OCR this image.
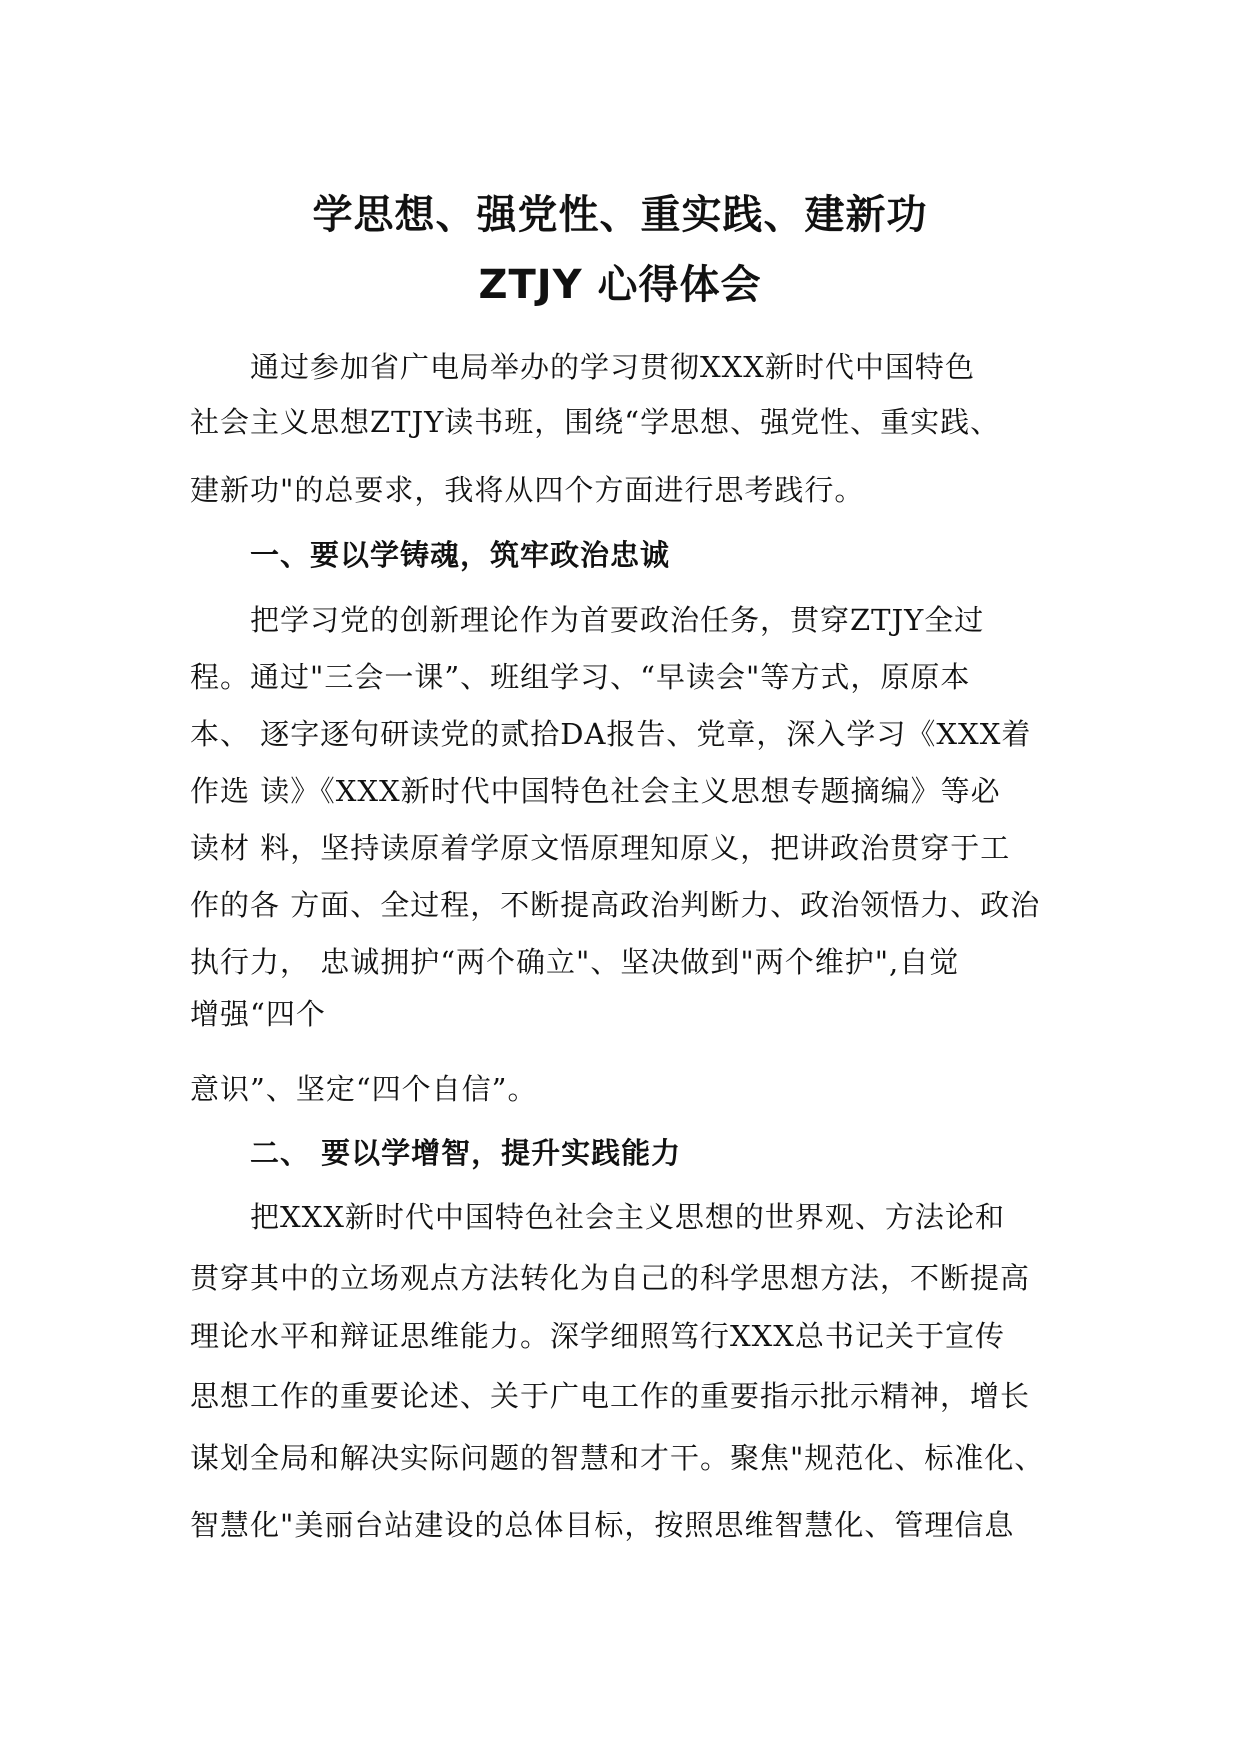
学思想、强党性、重实践、建新功
ZTJY 心得体会
通过参加省广电局举办的学习贯彻XXX新时代中国特色
社会主义思想ZTJY读书班，围绕“学思想、强党性、重实践、
建新功"的总要求，我将从四个方面进行思考践行。
一、要以学铸魂，筑牢政治忠诚
把学习党的创新理论作为首要政治任务，贯穿ZTJY全过
程。通过"三会一课”、班组学习、“早读会"等方式，原原本
本、 逐字逐句研读党的贰拾DA报告、党章，深入学习《XXX着
作选 读》《XXX新时代中国特色社会主义思想专题摘编》等必
读材 料，坚持读原着学原文悟原理知原义，把讲政治贯穿于工
作的各 方面、全过程，不断提高政治判断力、政治领悟力、政治
执行力， 忠诚拥护“两个确立"、坚决做到"两个维护",自觉
增强“四个
意识”、坚定“四个自信”。
二、 要以学增智，提升实践能力
把XXX新时代中国特色社会主义思想的世界观、方法论和
贯穿其中的立场观点方法转化为自己的科学思想方法，不断提高
理论水平和辩证思维能力。深学细照笃行XXX总书记关于宣传
思想工作的重要论述、关于广电工作的重要指示批示精神，增长
谋划全局和解决实际问题的智慧和才干。聚焦"规范化、标准化、
智慧化"美丽台站建设的总体目标，按照思维智慧化、管理信息
